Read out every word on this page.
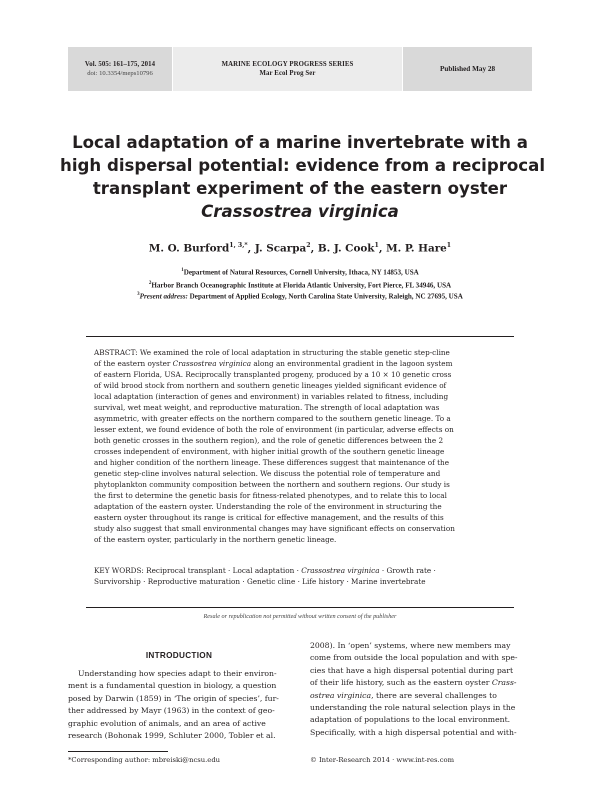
Vol. 505: 161–175, 2014
doi: 10.3354/meps10796
MARINE ECOLOGY PROGRESS SERIES
Mar Ecol Prog Ser
Published May 28
Local adaptation of a marine invertebrate with a
high dispersal potential: evidence from a reciprocal
transplant experiment of the eastern oyster
Crassostrea virginica
M. O. Burford$^{1, 3,*}$, J. Scarpa$^2$, B. J. Cook$^1$, M. P. Hare$^1$
$^1$Department of Natural Resources, Cornell University, Ithaca, NY 14853, USA
$^2$Harbor Branch Oceanographic Institute at Florida Atlantic University, Fort Pierce, FL 34946, USA
$^3$Present address: Department of Applied Ecology, North Carolina State University, Raleigh, NC 27695, USA
ABSTRACT: We examined the role of local adaptation in structuring the stable genetic step-cline
of the eastern oyster Crassostrea virginica along an environmental gradient in the lagoon system
of eastern Florida, USA. Reciprocally transplanted progeny, produced by a 10 × 10 genetic cross
of wild brood stock from northern and southern genetic lineages yielded significant evidence of
local adaptation (interaction of genes and environment) in variables related to fitness, including
survival, wet meat weight, and reproductive maturation. The strength of local adaptation was
asymmetric, with greater effects on the northern compared to the southern genetic lineage. To a
lesser extent, we found evidence of both the role of environment (in particular, adverse effects on
both genetic crosses in the southern region), and the role of genetic differences between the 2
crosses independent of environment, with higher initial growth of the southern genetic lineage
and higher condition of the northern lineage. These differences suggest that maintenance of the
genetic step-cline involves natural selection. We discuss the potential role of temperature and
phytoplankton community composition between the northern and southern regions. Our study is
the first to determine the genetic basis for fitness-related phenotypes, and to relate this to local
adaptation of the eastern oyster. Understanding the role of the environment in structuring the
eastern oyster throughout its range is critical for effective management, and the results of this
study also suggest that small environmental changes may have significant effects on conservation
of the eastern oyster, particularly in the northern genetic lineage.
KEY WORDS: Reciprocal transplant · Local adaptation · Crassostrea virginica · Growth rate ·
Survivorship · Reproductive maturation · Genetic cline · Life history · Marine invertebrate
Resale or republication not permitted without written consent of the publisher
INTRODUCTION
Understanding how species adapt to their environ-
ment is a fundamental question in biology, a question
posed by Darwin (1859) in ‘The origin of species’, fur-
ther addressed by Mayr (1963) in the context of geo-
graphic evolution of animals, and an area of active
research (Bohonak 1999, Schluter 2000, Tobler et al.
2008). In ‘open’ systems, where new members may
come from outside the local population and with spe-
cies that have a high dispersal potential during part
of their life history, such as the eastern oyster Crass-
ostrea virginica, there are several challenges to
understanding the role natural selection plays in the
adaptation of populations to the local environment.
Specifically, with a high dispersal potential and with-
*Corresponding author: mbreiski@ncsu.edu	© Inter-Research 2014 · www.int-res.com
